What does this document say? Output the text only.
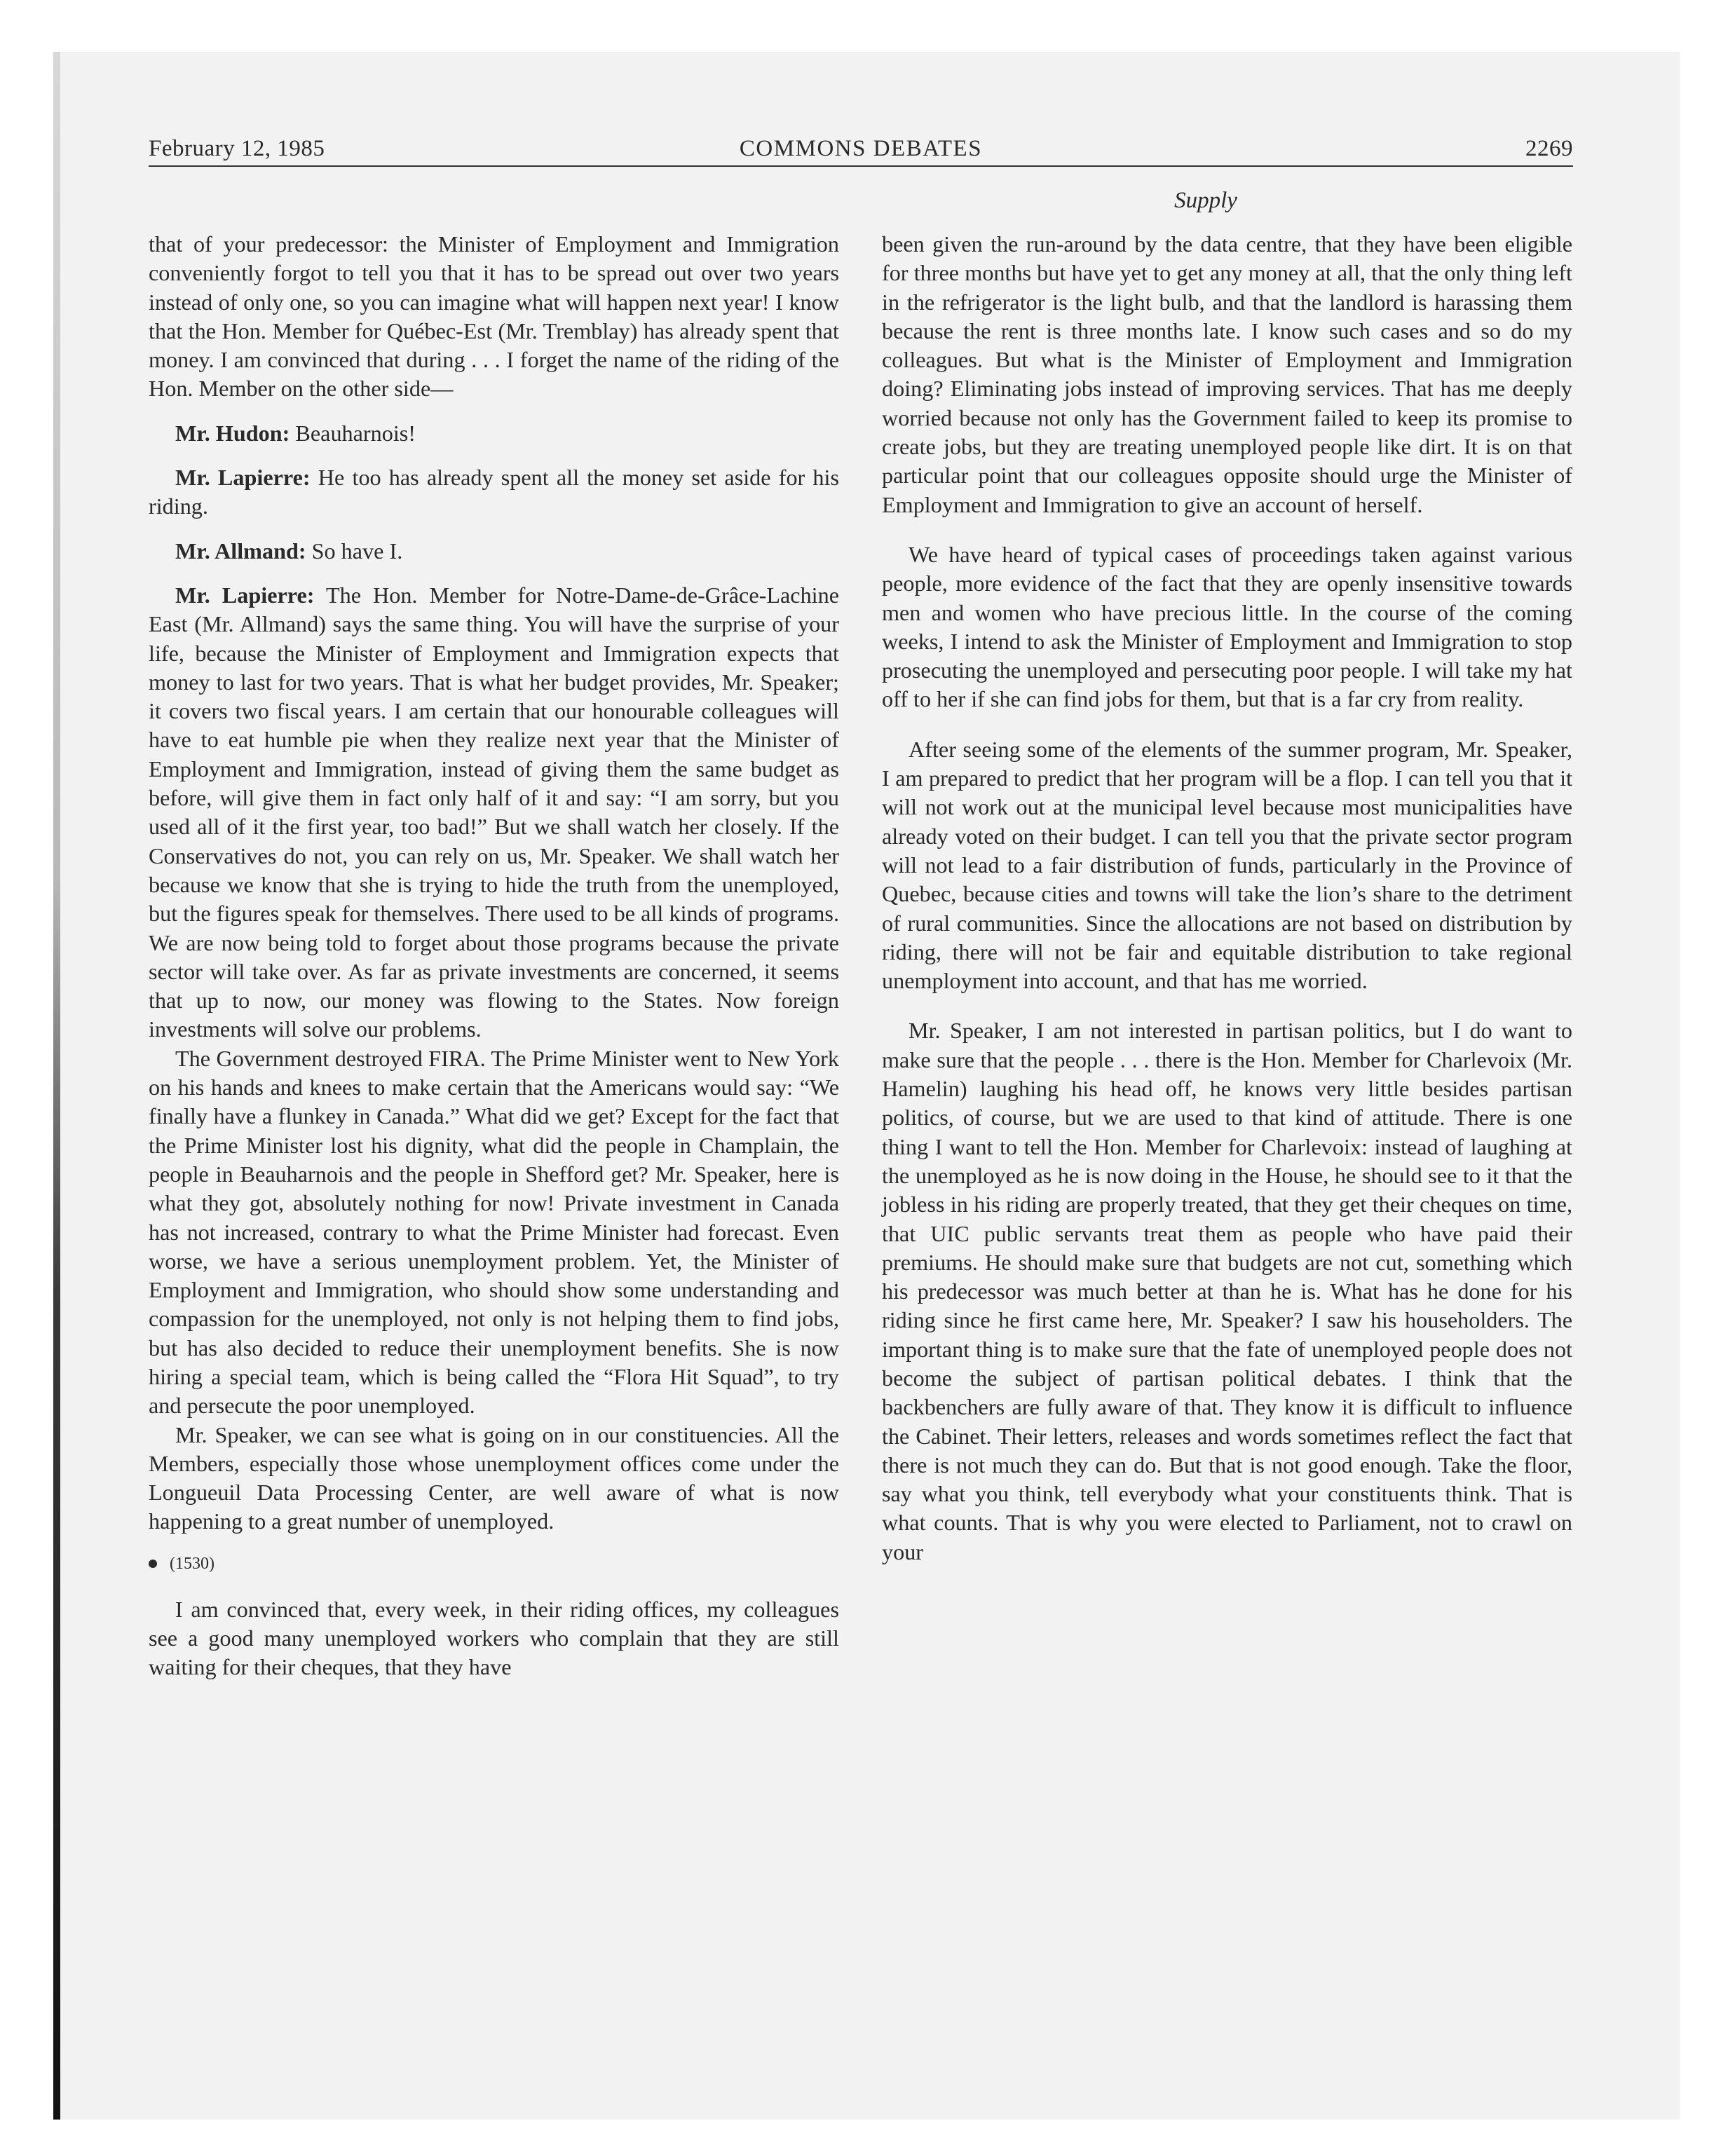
February 12, 1985	COMMONS DEBATES	2269
Supply

that of your predecessor: the Minister of Employment and Immigration conveniently forgot to tell you that it has to be spread out over two years instead of only one, so you can imagine what will happen next year! I know that the Hon. Member for Québec-Est (Mr. Tremblay) has already spent that money. I am convinced that during . . . I forget the name of the riding of the Hon. Member on the other side—

Mr. Hudon: Beauharnois!

Mr. Lapierre: He too has already spent all the money set aside for his riding.

Mr. Allmand: So have I.

Mr. Lapierre: The Hon. Member for Notre-Dame-de-Grâce-Lachine East (Mr. Allmand) says the same thing. You will have the surprise of your life, because the Minister of Employment and Immigration expects that money to last for two years. That is what her budget provides, Mr. Speaker; it covers two fiscal years. I am certain that our honourable colleagues will have to eat humble pie when they realize next year that the Minister of Employment and Immigration, instead of giving them the same budget as before, will give them in fact only half of it and say: “I am sorry, but you used all of it the first year, too bad!” But we shall watch her closely. If the Conservatives do not, you can rely on us, Mr. Speaker. We shall watch her because we know that she is trying to hide the truth from the unemployed, but the figures speak for themselves. There used to be all kinds of programs. We are now being told to forget about those programs because the private sector will take over. As far as private investments are concerned, it seems that up to now, our money was flowing to the States. Now foreign investments will solve our problems.

The Government destroyed FIRA. The Prime Minister went to New York on his hands and knees to make certain that the Americans would say: “We finally have a flunkey in Canada.” What did we get? Except for the fact that the Prime Minister lost his dignity, what did the people in Champlain, the people in Beauharnois and the people in Shefford get? Mr. Speaker, here is what they got, absolutely nothing for now! Private investment in Canada has not increased, contrary to what the Prime Minister had forecast. Even worse, we have a serious unemployment problem. Yet, the Minister of Employment and Immigration, who should show some understanding and compassion for the unemployed, not only is not helping them to find jobs, but has also decided to reduce their unemployment benefits. She is now hiring a special team, which is being called the “Flora Hit Squad”, to try and persecute the poor unemployed.

Mr. Speaker, we can see what is going on in our constituencies. All the Members, especially those whose unemployment offices come under the Longueuil Data Processing Center, are well aware of what is now happening to a great number of unemployed.

(1530)

I am convinced that, every week, in their riding offices, my colleagues see a good many unemployed workers who complain that they are still waiting for their cheques, that they have

been given the run-around by the data centre, that they have been eligible for three months but have yet to get any money at all, that the only thing left in the refrigerator is the light bulb, and that the landlord is harassing them because the rent is three months late. I know such cases and so do my colleagues. But what is the Minister of Employment and Immigration doing? Eliminating jobs instead of improving services. That has me deeply worried because not only has the Government failed to keep its promise to create jobs, but they are treating unemployed people like dirt. It is on that particular point that our colleagues opposite should urge the Minister of Employment and Immigration to give an account of herself.

We have heard of typical cases of proceedings taken against various people, more evidence of the fact that they are openly insensitive towards men and women who have precious little. In the course of the coming weeks, I intend to ask the Minister of Employment and Immigration to stop prosecuting the unemployed and persecuting poor people. I will take my hat off to her if she can find jobs for them, but that is a far cry from reality.

After seeing some of the elements of the summer program, Mr. Speaker, I am prepared to predict that her program will be a flop. I can tell you that it will not work out at the municipal level because most municipalities have already voted on their budget. I can tell you that the private sector program will not lead to a fair distribution of funds, particularly in the Province of Quebec, because cities and towns will take the lion’s share to the detriment of rural communities. Since the allocations are not based on distribution by riding, there will not be fair and equitable distribution to take regional unemployment into account, and that has me worried.

Mr. Speaker, I am not interested in partisan politics, but I do want to make sure that the people . . . there is the Hon. Member for Charlevoix (Mr. Hamelin) laughing his head off, he knows very little besides partisan politics, of course, but we are used to that kind of attitude. There is one thing I want to tell the Hon. Member for Charlevoix: instead of laughing at the unemployed as he is now doing in the House, he should see to it that the jobless in his riding are properly treated, that they get their cheques on time, that UIC public servants treat them as people who have paid their premiums. He should make sure that budgets are not cut, something which his predecessor was much better at than he is. What has he done for his riding since he first came here, Mr. Speaker? I saw his householders. The important thing is to make sure that the fate of unemployed people does not become the subject of partisan political debates. I think that the backbenchers are fully aware of that. They know it is difficult to influence the Cabinet. Their letters, releases and words sometimes reflect the fact that there is not much they can do. But that is not good enough. Take the floor, say what you think, tell everybody what your constituents think. That is what counts. That is why you were elected to Parliament, not to crawl on your
